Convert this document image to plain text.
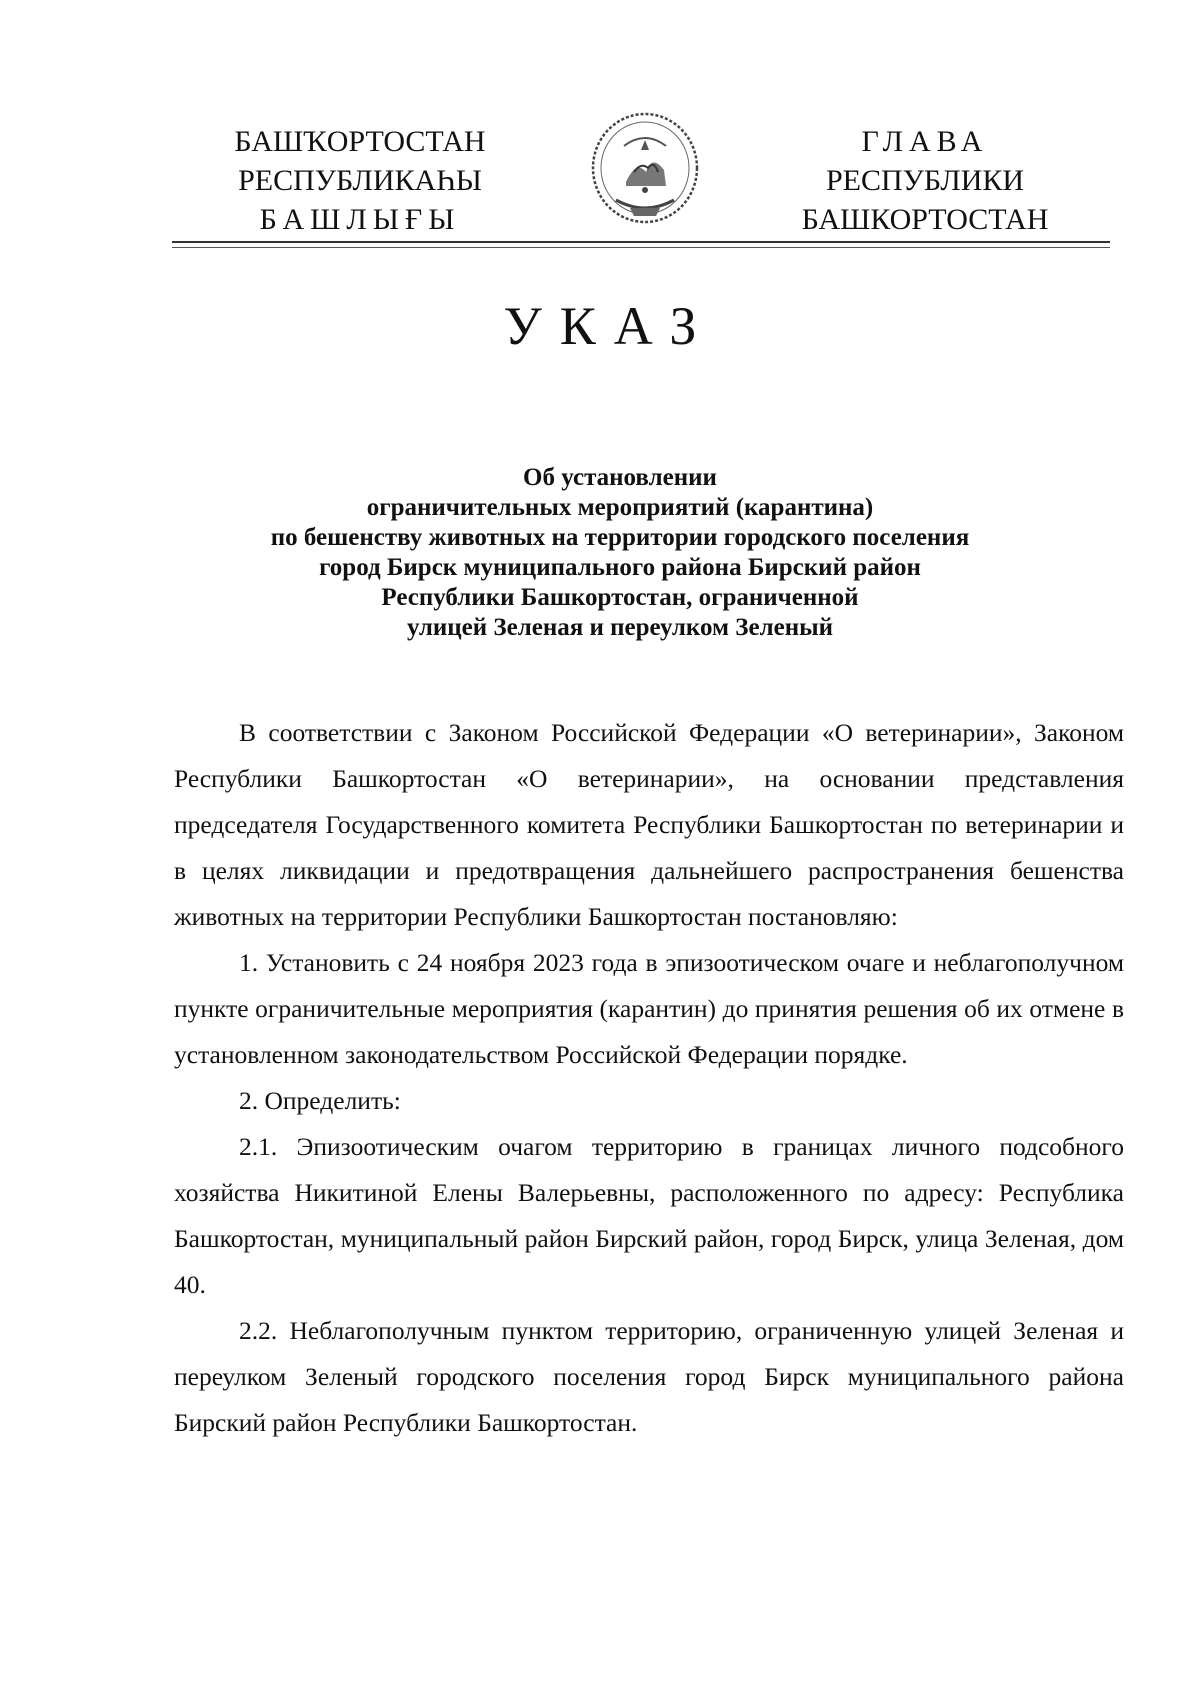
БАШҠОРТОСТАН
РЕСПУБЛИКАҺЫ
БАШЛЫҒЫ
ГЛАВА
РЕСПУБЛИКИ
БАШКОРТОСТАН
УКАЗ
Об установлении
ограничительных мероприятий (карантина)
по бешенству животных на территории городского поселения
город Бирск муниципального района Бирский район
Республики Башкортостан, ограниченной
улицей Зеленая и переулком Зеленый

В соответствии с Законом Российской Федерации «О ветеринарии», Законом Республики Башкортостан «О ветеринарии», на основании представления председателя Государственного комитета Республики Башкортостан по ветеринарии и в целях ликвидации и предотвращения дальнейшего распространения бешенства животных на территории Республики Башкортостан постановляю:

1. Установить с 24 ноября 2023 года в эпизоотическом очаге и неблагополучном пункте ограничительные мероприятия (карантин) до принятия решения об их отмене в установленном законодательством Российской Федерации порядке.

2. Определить:

2.1. Эпизоотическим очагом территорию в границах личного подсобного хозяйства Никитиной Елены Валерьевны, расположенного по адресу: Республика Башкортостан, муниципальный район Бирский район, город Бирск, улица Зеленая, дом 40.

2.2. Неблагополучным пунктом территорию, ограниченную улицей Зеленая и переулком Зеленый городского поселения город Бирск муниципального района Бирский район Республики Башкортостан.
